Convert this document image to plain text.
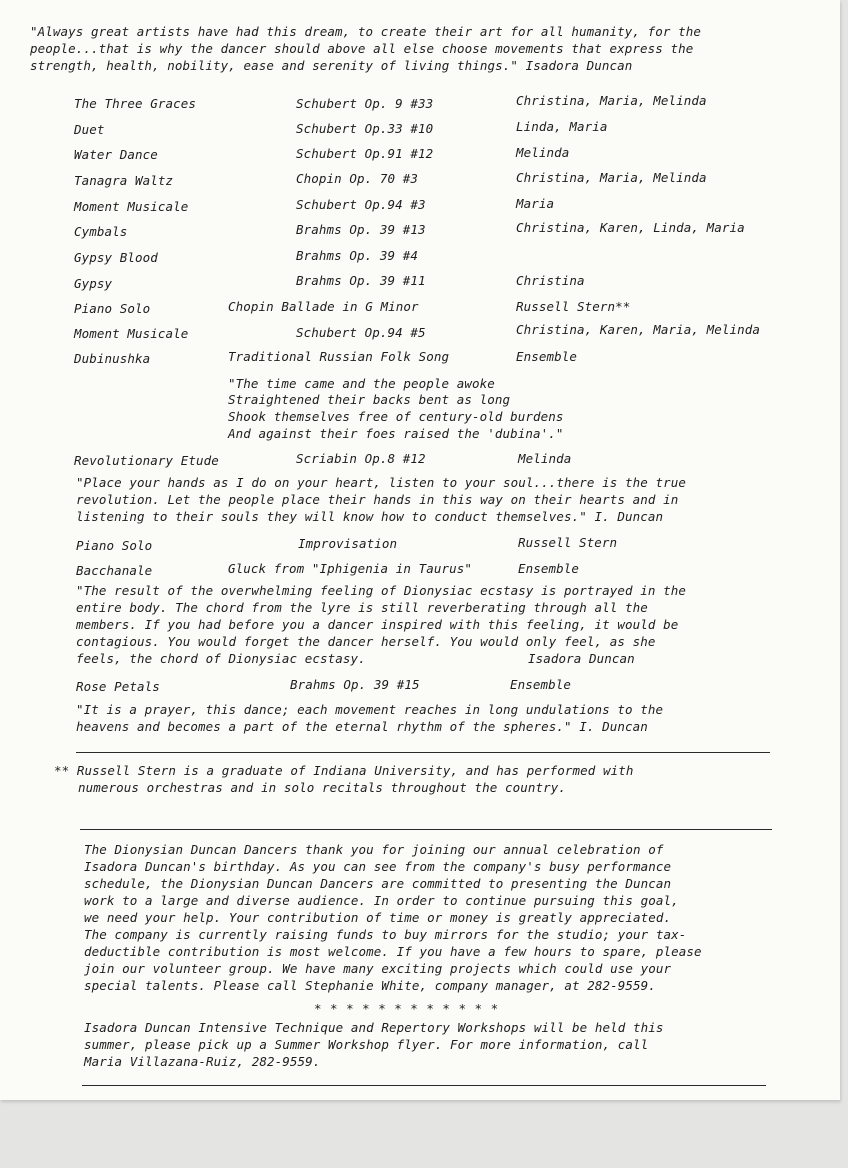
"Always great artists have had this dream, to create their art for all humanity, for the
people...that is why the dancer should above all else choose movements that express the
strength, health, nobility, ease and serenity of living things." Isadora Duncan
The Three Graces	Schubert Op. 9 #33	Christina, Maria, Melinda
Duet	Schubert Op.33 #10	Linda, Maria
Water Dance	Schubert Op.91 #12	Melinda
Tanagra Waltz	Chopin Op. 70 #3	Christina, Maria, Melinda
Moment Musicale	Schubert Op.94 #3	Maria
Cymbals	Brahms Op. 39 #13	Christina, Karen, Linda, Maria
Gypsy Blood	Brahms Op. 39 #4
Gypsy	Brahms Op. 39 #11	Christina
Piano Solo	Chopin Ballade in G Minor	Russell Stern**
Moment Musicale	Schubert Op.94 #5	Christina, Karen, Maria, Melinda
Dubinushka	Traditional Russian Folk Song	Ensemble
"The time came and the people awoke
Straightened their backs bent as long
Shook themselves free of century-old burdens
And against their foes raised the 'dubina'."
Revolutionary Etude	Scriabin Op.8 #12	Melinda
"Place your hands as I do on your heart, listen to your soul...there is the true
revolution. Let the people place their hands in this way on their hearts and in
listening to their souls they will know how to conduct themselves." I. Duncan
Piano Solo	Improvisation	Russell Stern
Bacchanale	Gluck from "Iphigenia in Taurus"	Ensemble
"The result of the overwhelming feeling of Dionysiac ecstasy is portrayed in the
entire body. The chord from the lyre is still reverberating through all the
members. If you had before you a dancer inspired with this feeling, it would be
contagious. You would forget the dancer herself. You would only feel, as she
feels, the chord of Dionysiac ecstasy.	Isadora Duncan
Rose Petals	Brahms Op. 39 #15	Ensemble
"It is a prayer, this dance; each movement reaches in long undulations to the
heavens and becomes a part of the eternal rhythm of the spheres." I. Duncan
** Russell Stern is a graduate of Indiana University, and has performed with
numerous orchestras and in solo recitals throughout the country.
The Dionysian Duncan Dancers thank you for joining our annual celebration of
Isadora Duncan's birthday. As you can see from the company's busy performance
schedule, the Dionysian Duncan Dancers are committed to presenting the Duncan
work to a large and diverse audience. In order to continue pursuing this goal,
we need your help. Your contribution of time or money is greatly appreciated.
The company is currently raising funds to buy mirrors for the studio; your tax-
deductible contribution is most welcome. If you have a few hours to spare, please
join our volunteer group. We have many exciting projects which could use your
special talents. Please call Stephanie White, company manager, at 282-9559.
* * * * * * * * * * * *
Isadora Duncan Intensive Technique and Repertory Workshops will be held this
summer, please pick up a Summer Workshop flyer. For more information, call
Maria Villazana-Ruiz, 282-9559.
